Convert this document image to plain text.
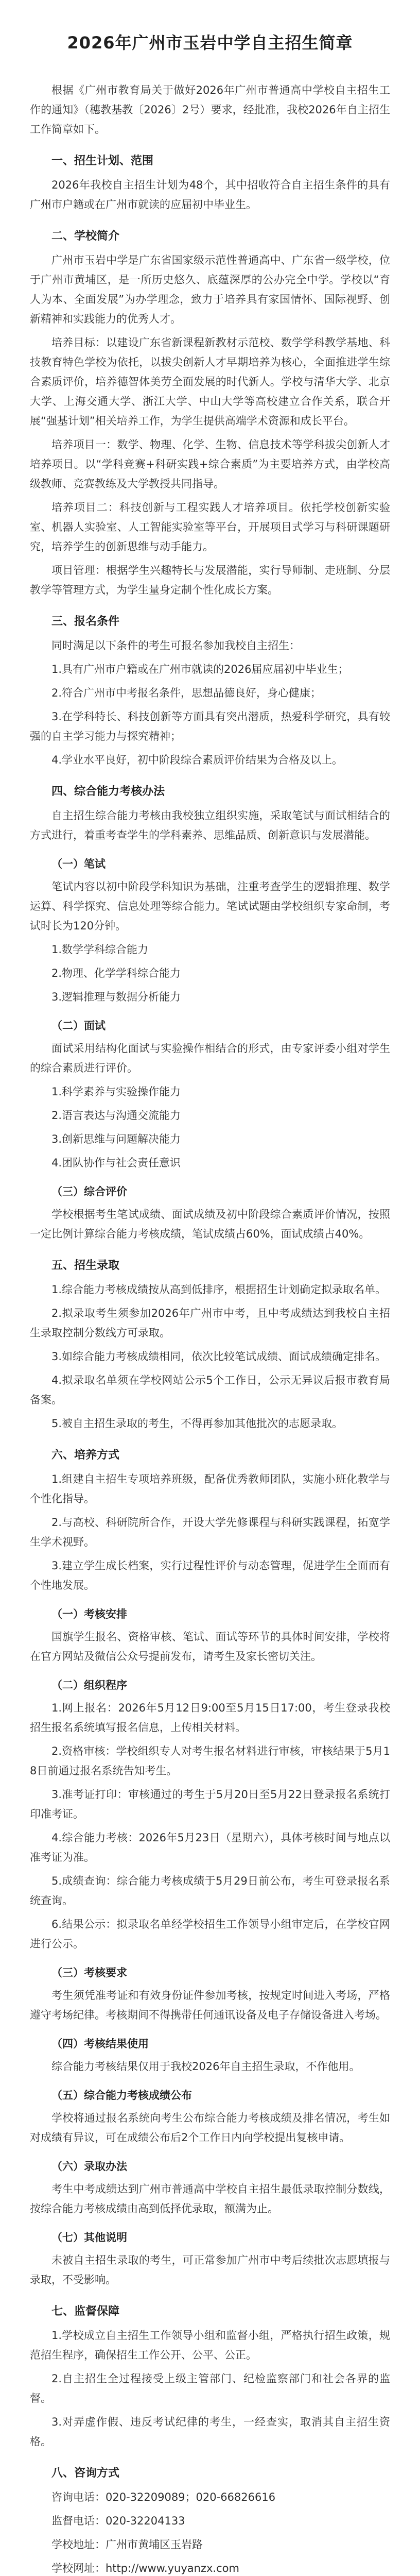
2026年广州市玉岩中学自主招生简章
根据《广州市教育局关于做好2026年广州市普通高中学校自主招生工作的通知》（穗教基教〔2026〕2号）要求，经批准，我校2026年自主招生工作简章如下。
一、招生计划、范围
2026年我校自主招生计划为48个，其中招收符合自主招生条件的具有广州市户籍或在广州市就读的应届初中毕业生。
二、学校简介
广州市玉岩中学是广东省国家级示范性普通高中、广东省一级学校，位于广州市黄埔区，是一所历史悠久、底蕴深厚的公办完全中学。学校以“育人为本、全面发展”为办学理念，致力于培养具有家国情怀、国际视野、创新精神和实践能力的优秀人才。
培养目标：以建设广东省新课程新教材示范校、数学学科教学基地、科技教育特色学校为依托，以拔尖创新人才早期培养为核心，全面推进学生综合素质评价，培养德智体美劳全面发展的时代新人。学校与清华大学、北京大学、上海交通大学、浙江大学、中山大学等高校建立合作关系，联合开展“强基计划”相关培养工作，为学生提供高端学术资源和成长平台。
培养项目一：数学、物理、化学、生物、信息技术等学科拔尖创新人才培养项目。以“学科竞赛+科研实践+综合素质”为主要培养方式，由学校高级教师、竞赛教练及大学教授共同指导。
培养项目二：科技创新与工程实践人才培养项目。依托学校创新实验室、机器人实验室、人工智能实验室等平台，开展项目式学习与科研课题研究，培养学生的创新思维与动手能力。
项目管理：根据学生兴趣特长与发展潜能，实行导师制、走班制、分层教学等管理方式，为学生量身定制个性化成长方案。
三、报名条件
同时满足以下条件的考生可报名参加我校自主招生：
1.具有广州市户籍或在广州市就读的2026届应届初中毕业生；
2.符合广州市中考报名条件，思想品德良好，身心健康；
3.在学科特长、科技创新等方面具有突出潜质，热爱科学研究，具有较强的自主学习能力与探究精神；
4.学业水平良好，初中阶段综合素质评价结果为合格及以上。
四、综合能力考核办法
自主招生综合能力考核由我校独立组织实施，采取笔试与面试相结合的方式进行，着重考查学生的学科素养、思维品质、创新意识与发展潜能。
（一）笔试
笔试内容以初中阶段学科知识为基础，注重考查学生的逻辑推理、数学运算、科学探究、信息处理等综合能力。笔试试题由学校组织专家命制，考试时长为120分钟。
1.数学学科综合能力
2.物理、化学学科综合能力
3.逻辑推理与数据分析能力
（二）面试
面试采用结构化面试与实验操作相结合的形式，由专家评委小组对学生的综合素质进行评价。
1.科学素养与实验操作能力
2.语言表达与沟通交流能力
3.创新思维与问题解决能力
4.团队协作与社会责任意识
（三）综合评价
学校根据考生笔试成绩、面试成绩及初中阶段综合素质评价情况，按照一定比例计算综合能力考核成绩，笔试成绩占60%，面试成绩占40%。
五、招生录取
1.综合能力考核成绩按从高到低排序，根据招生计划确定拟录取名单。
2.拟录取考生须参加2026年广州市中考，且中考成绩达到我校自主招生录取控制分数线方可录取。
3.如综合能力考核成绩相同，依次比较笔试成绩、面试成绩确定排名。
4.拟录取名单须在学校网站公示5个工作日，公示无异议后报市教育局备案。
5.被自主招生录取的考生，不得再参加其他批次的志愿录取。
六、培养方式
1.组建自主招生专项培养班级，配备优秀教师团队，实施小班化教学与个性化指导。
2.与高校、科研院所合作，开设大学先修课程与科研实践课程，拓宽学生学术视野。
3.建立学生成长档案，实行过程性评价与动态管理，促进学生全面而有个性地发展。
（一）考核安排
国旗学生报名、资格审核、笔试、面试等环节的具体时间安排，学校将在官方网站及微信公众号提前发布，请考生及家长密切关注。
（二）组织程序
1.网上报名：2026年5月12日9:00至5月15日17:00，考生登录我校招生报名系统填写报名信息，上传相关材料。
2.资格审核：学校组织专人对考生报名材料进行审核，审核结果于5月18日前通过报名系统告知考生。
3.准考证打印：审核通过的考生于5月20日至5月22日登录报名系统打印准考证。
4.综合能力考核：2026年5月23日（星期六），具体考核时间与地点以准考证为准。
5.成绩查询：综合能力考核成绩于5月29日前公布，考生可登录报名系统查询。
6.结果公示：拟录取名单经学校招生工作领导小组审定后，在学校官网进行公示。
（三）考核要求
考生须凭准考证和有效身份证件参加考核，按规定时间进入考场，严格遵守考场纪律。考核期间不得携带任何通讯设备及电子存储设备进入考场。
（四）考核结果使用
综合能力考核结果仅用于我校2026年自主招生录取，不作他用。
（五）综合能力考核成绩公布
学校将通过报名系统向考生公布综合能力考核成绩及排名情况，考生如对成绩有异议，可在成绩公布后2个工作日内向学校提出复核申请。
（六）录取办法
考生中考成绩达到广州市普通高中学校自主招生最低录取控制分数线，按综合能力考核成绩由高到低择优录取，额满为止。
（七）其他说明
未被自主招生录取的考生，可正常参加广州市中考后续批次志愿填报与录取，不受影响。
七、监督保障
1.学校成立自主招生工作领导小组和监督小组，严格执行招生政策，规范招生程序，确保招生工作公开、公平、公正。
2.自主招生全过程接受上级主管部门、纪检监察部门和社会各界的监督。
3.对弄虚作假、违反考试纪律的考生，一经查实，取消其自主招生资格。
八、咨询方式
咨询电话：020-32209089；020-66826616
监督电话：020-32204133
学校地址：广州市黄埔区玉岩路
学校网址：http://www.yuyanzx.com
